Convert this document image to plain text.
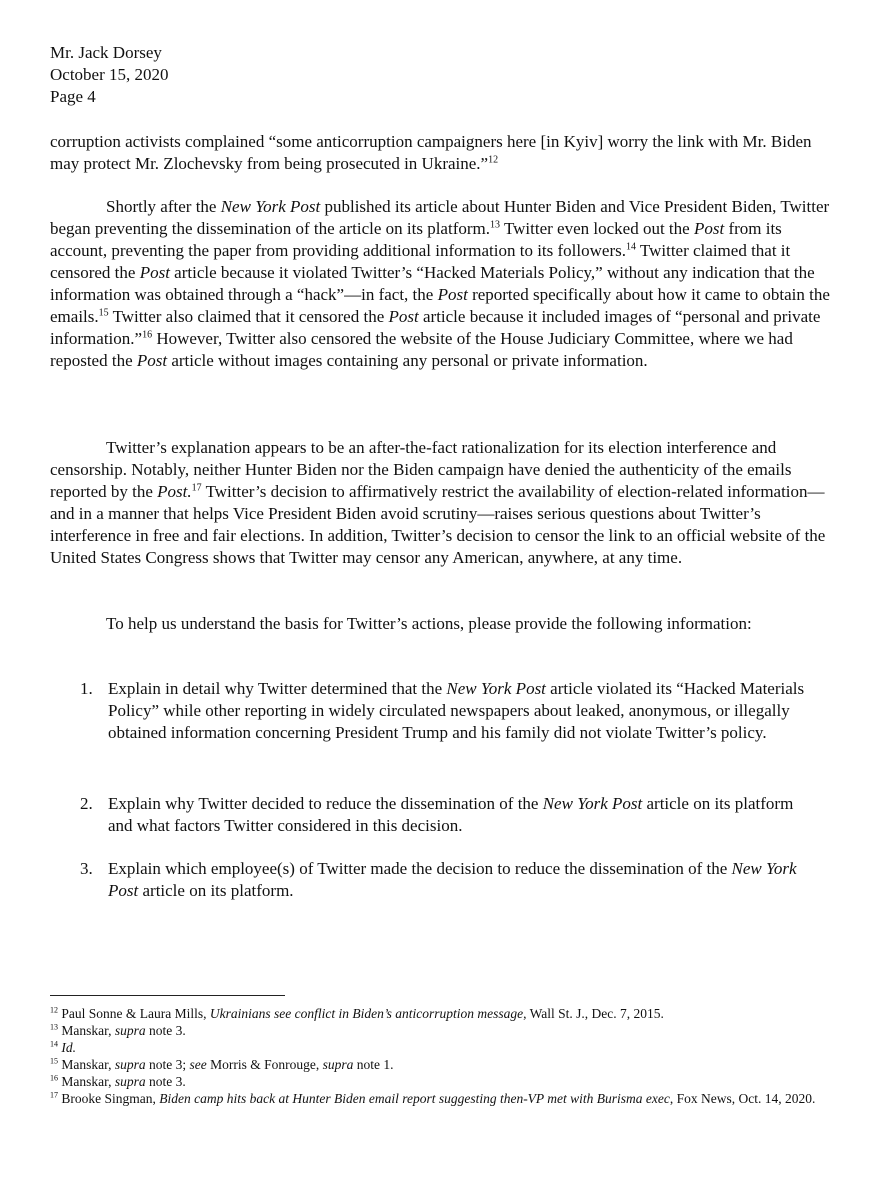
Mr. Jack Dorsey
October 15, 2020
Page 4
corruption activists complained “some anticorruption campaigners here [in Kyiv] worry the link with Mr. Biden may protect Mr. Zlochevsky from being prosecuted in Ukraine.”$^{12}$
Shortly after the New York Post published its article about Hunter Biden and Vice President Biden, Twitter began preventing the dissemination of the article on its platform.$^{13}$ Twitter even locked out the Post from its account, preventing the paper from providing additional information to its followers.$^{14}$ Twitter claimed that it censored the Post article because it violated Twitter’s “Hacked Materials Policy,” without any indication that the information was obtained through a “hack”—in fact, the Post reported specifically about how it came to obtain the emails.$^{15}$ Twitter also claimed that it censored the Post article because it included images of “personal and private information.”$^{16}$ However, Twitter also censored the website of the House Judiciary Committee, where we had reposted the Post article without images containing any personal or private information.
Twitter’s explanation appears to be an after-the-fact rationalization for its election interference and censorship. Notably, neither Hunter Biden nor the Biden campaign have denied the authenticity of the emails reported by the Post.$^{17}$ Twitter’s decision to affirmatively restrict the availability of election-related information—and in a manner that helps Vice President Biden avoid scrutiny—raises serious questions about Twitter’s interference in free and fair elections. In addition, Twitter’s decision to censor the link to an official website of the United States Congress shows that Twitter may censor any American, anywhere, at any time.
To help us understand the basis for Twitter’s actions, please provide the following information:
1. Explain in detail why Twitter determined that the New York Post article violated its “Hacked Materials Policy” while other reporting in widely circulated newspapers about leaked, anonymous, or illegally obtained information concerning President Trump and his family did not violate Twitter’s policy.
2. Explain why Twitter decided to reduce the dissemination of the New York Post article on its platform and what factors Twitter considered in this decision.
3. Explain which employee(s) of Twitter made the decision to reduce the dissemination of the New York Post article on its platform.
$^{12}$ Paul Sonne & Laura Mills, Ukrainians see conflict in Biden’s anticorruption message, Wall St. J., Dec. 7, 2015.
$^{13}$ Manskar, supra note 3.
$^{14}$ Id.
$^{15}$ Manskar, supra note 3; see Morris & Fonrouge, supra note 1.
$^{16}$ Manskar, supra note 3.
$^{17}$ Brooke Singman, Biden camp hits back at Hunter Biden email report suggesting then-VP met with Burisma exec, Fox News, Oct. 14, 2020.
